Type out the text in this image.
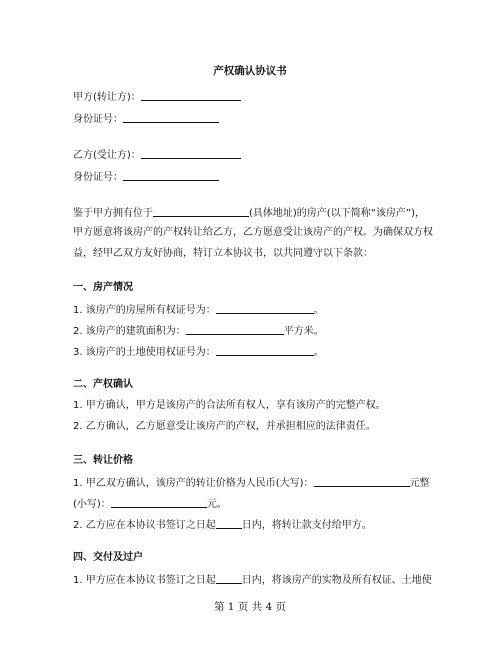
产权确认协议书
甲方(转让方)：
身份证号：
乙方(受让方)：
身份证号：
鉴于甲方拥有位于	(具体地址)的房产(以下简称“该房产”)，
甲方愿意将该房产的产权转让给乙方，乙方愿意受让该房产的产权。为确保双方权
益，经甲乙双方友好协商，特订立本协议书，以共同遵守以下条款：
一、房产情况
1. 该房产的房屋所有权证号为：	。
2. 该房产的建筑面积为：	平方米。
3. 该房产的土地使用权证号为：	。
二、产权确认
1. 甲方确认，甲方是该房产的合法所有权人，享有该房产的完整产权。
2. 乙方确认，乙方愿意受让该房产的产权，并承担相应的法律责任。
三、转让价格
1. 甲乙双方确认，该房产的转让价格为人民币(大写)：	元整
(小写)：	元。
2. 乙方应在本协议书签订之日起	日内，将转让款支付给甲方。
四、交付及过户
1. 甲方应在本协议书签订之日起	日内，将该房产的实物及所有权证、土地使
第 1 页 共 4 页
